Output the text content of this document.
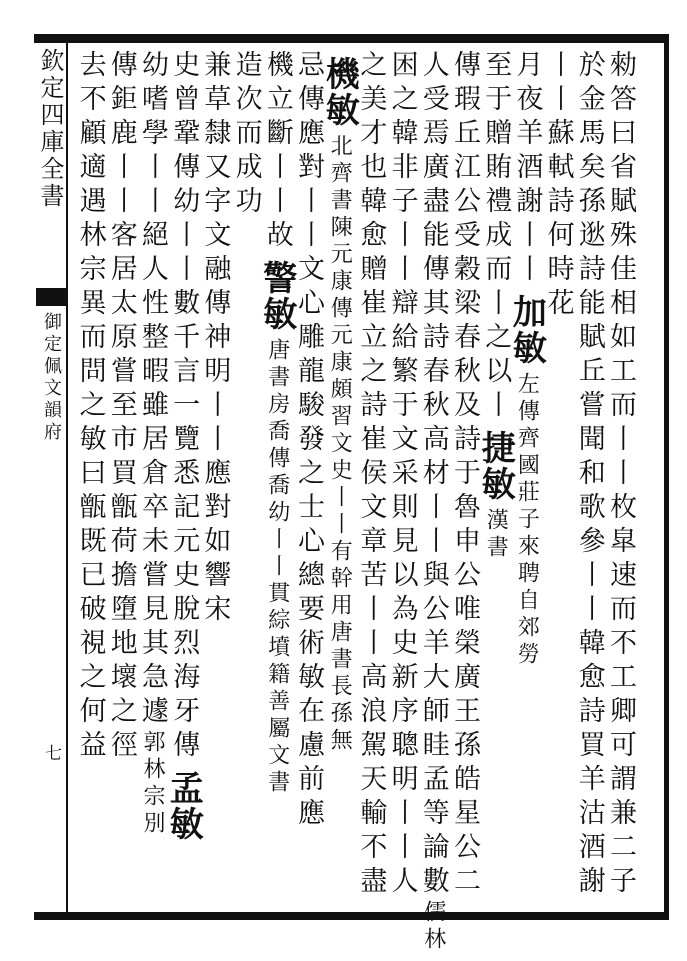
欽定四庫全書
御定佩文韻府
七	勑答曰省賦殊佳相如工而丨丨枚皐速而不工卿可謂兼二子
於金馬矣孫逖詩能賦丘嘗聞和歌參丨丨韓愈詩買羊沽酒謝
丨丨蘇軾詩何時花
月夜羊酒謝丨丨加敏左傳齊國莊子來聘自郊勞
至于贈賄禮成而丨之以丨捷敏漢書
傳瑕丘江公受穀梁春秋及詩于魯申公唯榮廣王孫皓星公二
人受焉廣盡能傳其詩春秋高材丨丨與公羊大師眭孟等論數儒林
困之韓非子丨丨辯給繁于文采則見以為史新序聰明丨丨人
之美才也韓愈贈崔立之詩崔侯文章苦丨丨高浪駕天輸不盡
機敏北齊書陳元康傳元康頗習文史丨丨有幹用唐書長孫無
忌傳應對丨丨文心雕龍駿發之士心總要術敏在慮前應
機立斷丨丨故警敏唐書房喬傳喬幼丨丨貫綜墳籍善屬文書
造次而成功
兼草隸又字文融傳神明丨丨應對如響宋
史曾鞏傳幼丨丨數千言一覽悉記元史脫烈海牙傳孟敏
幼嗜學丨丨絕人性整暇雖居倉卒未嘗見其急遽郭林宗別
傳鉅鹿丨丨客居太原嘗至市買甑荷擔墮地壞之徑
去不顧適遇林宗異而問之敏曰甑既已破視之何益
